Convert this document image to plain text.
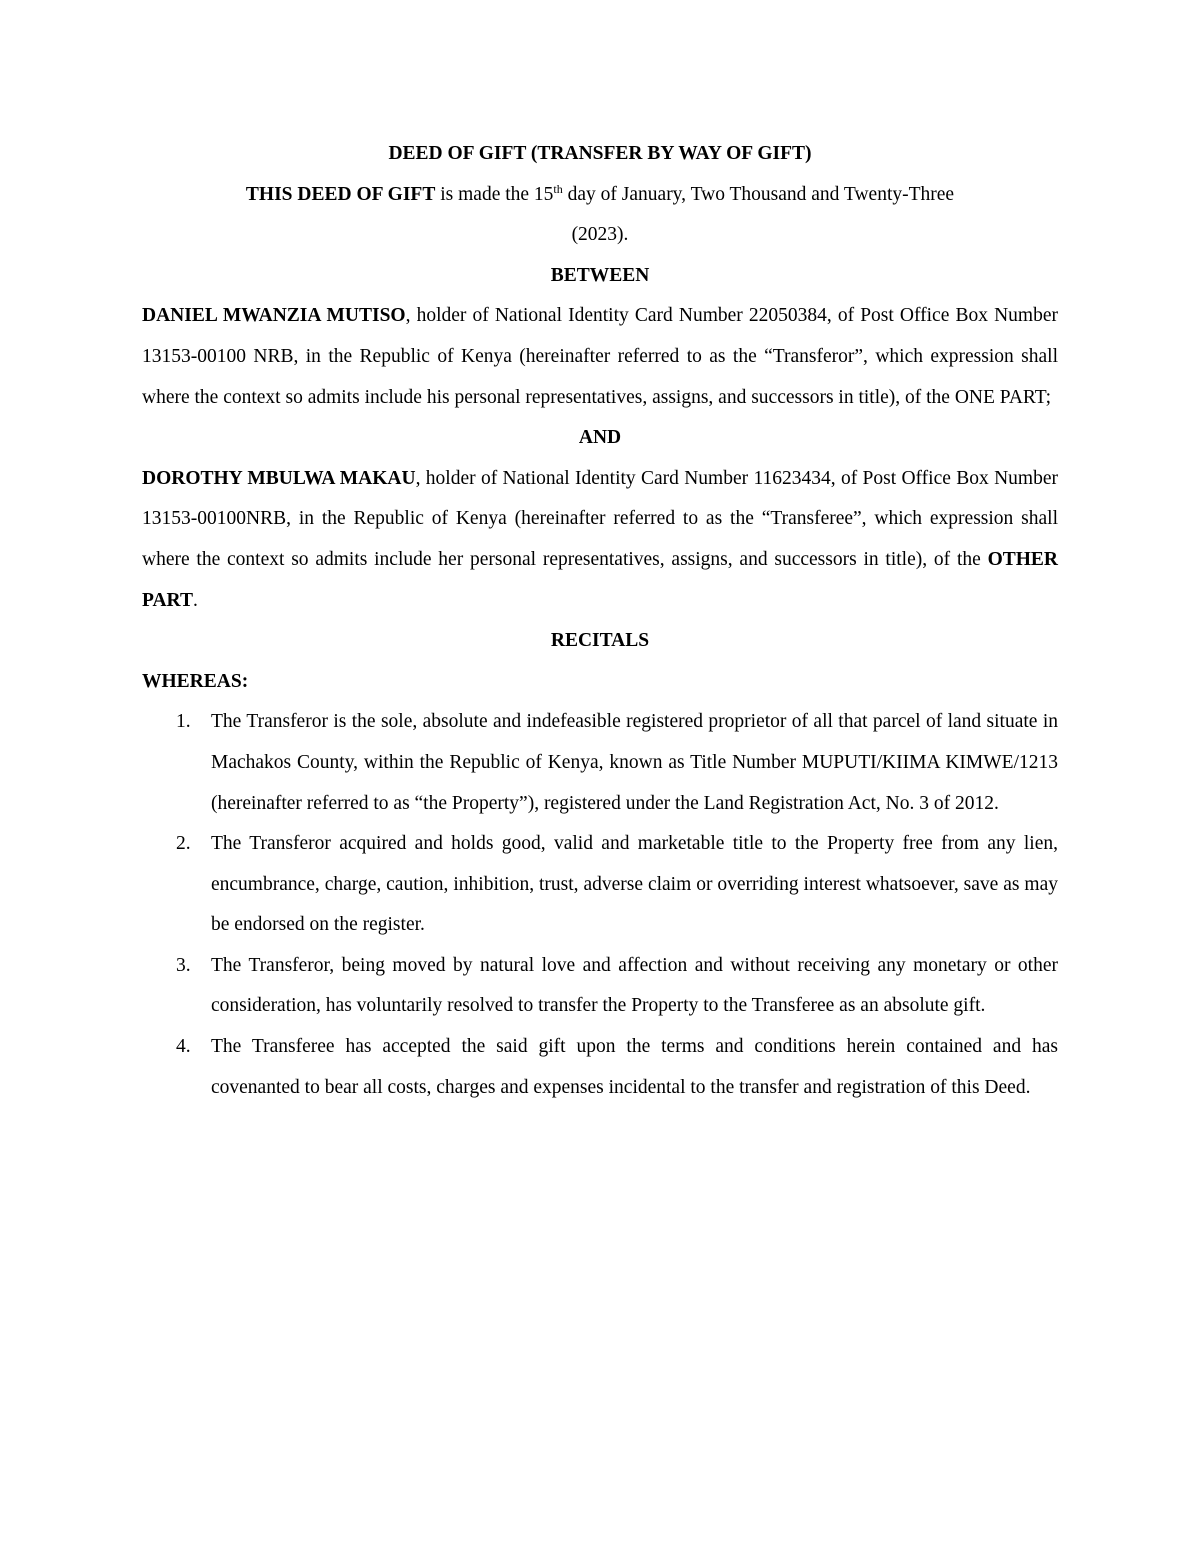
DEED OF GIFT (TRANSFER BY WAY OF GIFT)

THIS DEED OF GIFT is made the 15th day of January, Two Thousand and Twenty-Three

(2023).

BETWEEN

DANIEL MWANZIA MUTISO, holder of National Identity Card Number 22050384, of Post Office Box Number 13153-00100 NRB, in the Republic of Kenya (hereinafter referred to as the “Transferor”, which expression shall where the context so admits include his personal representatives, assigns, and successors in title), of the ONE PART;

AND

DOROTHY MBULWA MAKAU, holder of National Identity Card Number 11623434, of Post Office Box Number 13153-00100NRB, in the Republic of Kenya (hereinafter referred to as the “Transferee”, which expression shall where the context so admits include her personal representatives, assigns, and successors in title), of the OTHER PART.

RECITALS

WHEREAS:

1. The Transferor is the sole, absolute and indefeasible registered proprietor of all that parcel of land situate in Machakos County, within the Republic of Kenya, known as Title Number MUPUTI/KIIMA KIMWE/1213 (hereinafter referred to as “the Property”), registered under the Land Registration Act, No. 3 of 2012.
2. The Transferor acquired and holds good, valid and marketable title to the Property free from any lien, encumbrance, charge, caution, inhibition, trust, adverse claim or overriding interest whatsoever, save as may be endorsed on the register.
3. The Transferor, being moved by natural love and affection and without receiving any monetary or other consideration, has voluntarily resolved to transfer the Property to the Transferee as an absolute gift.
4. The Transferee has accepted the said gift upon the terms and conditions herein contained and has covenanted to bear all costs, charges and expenses incidental to the transfer and registration of this Deed.
